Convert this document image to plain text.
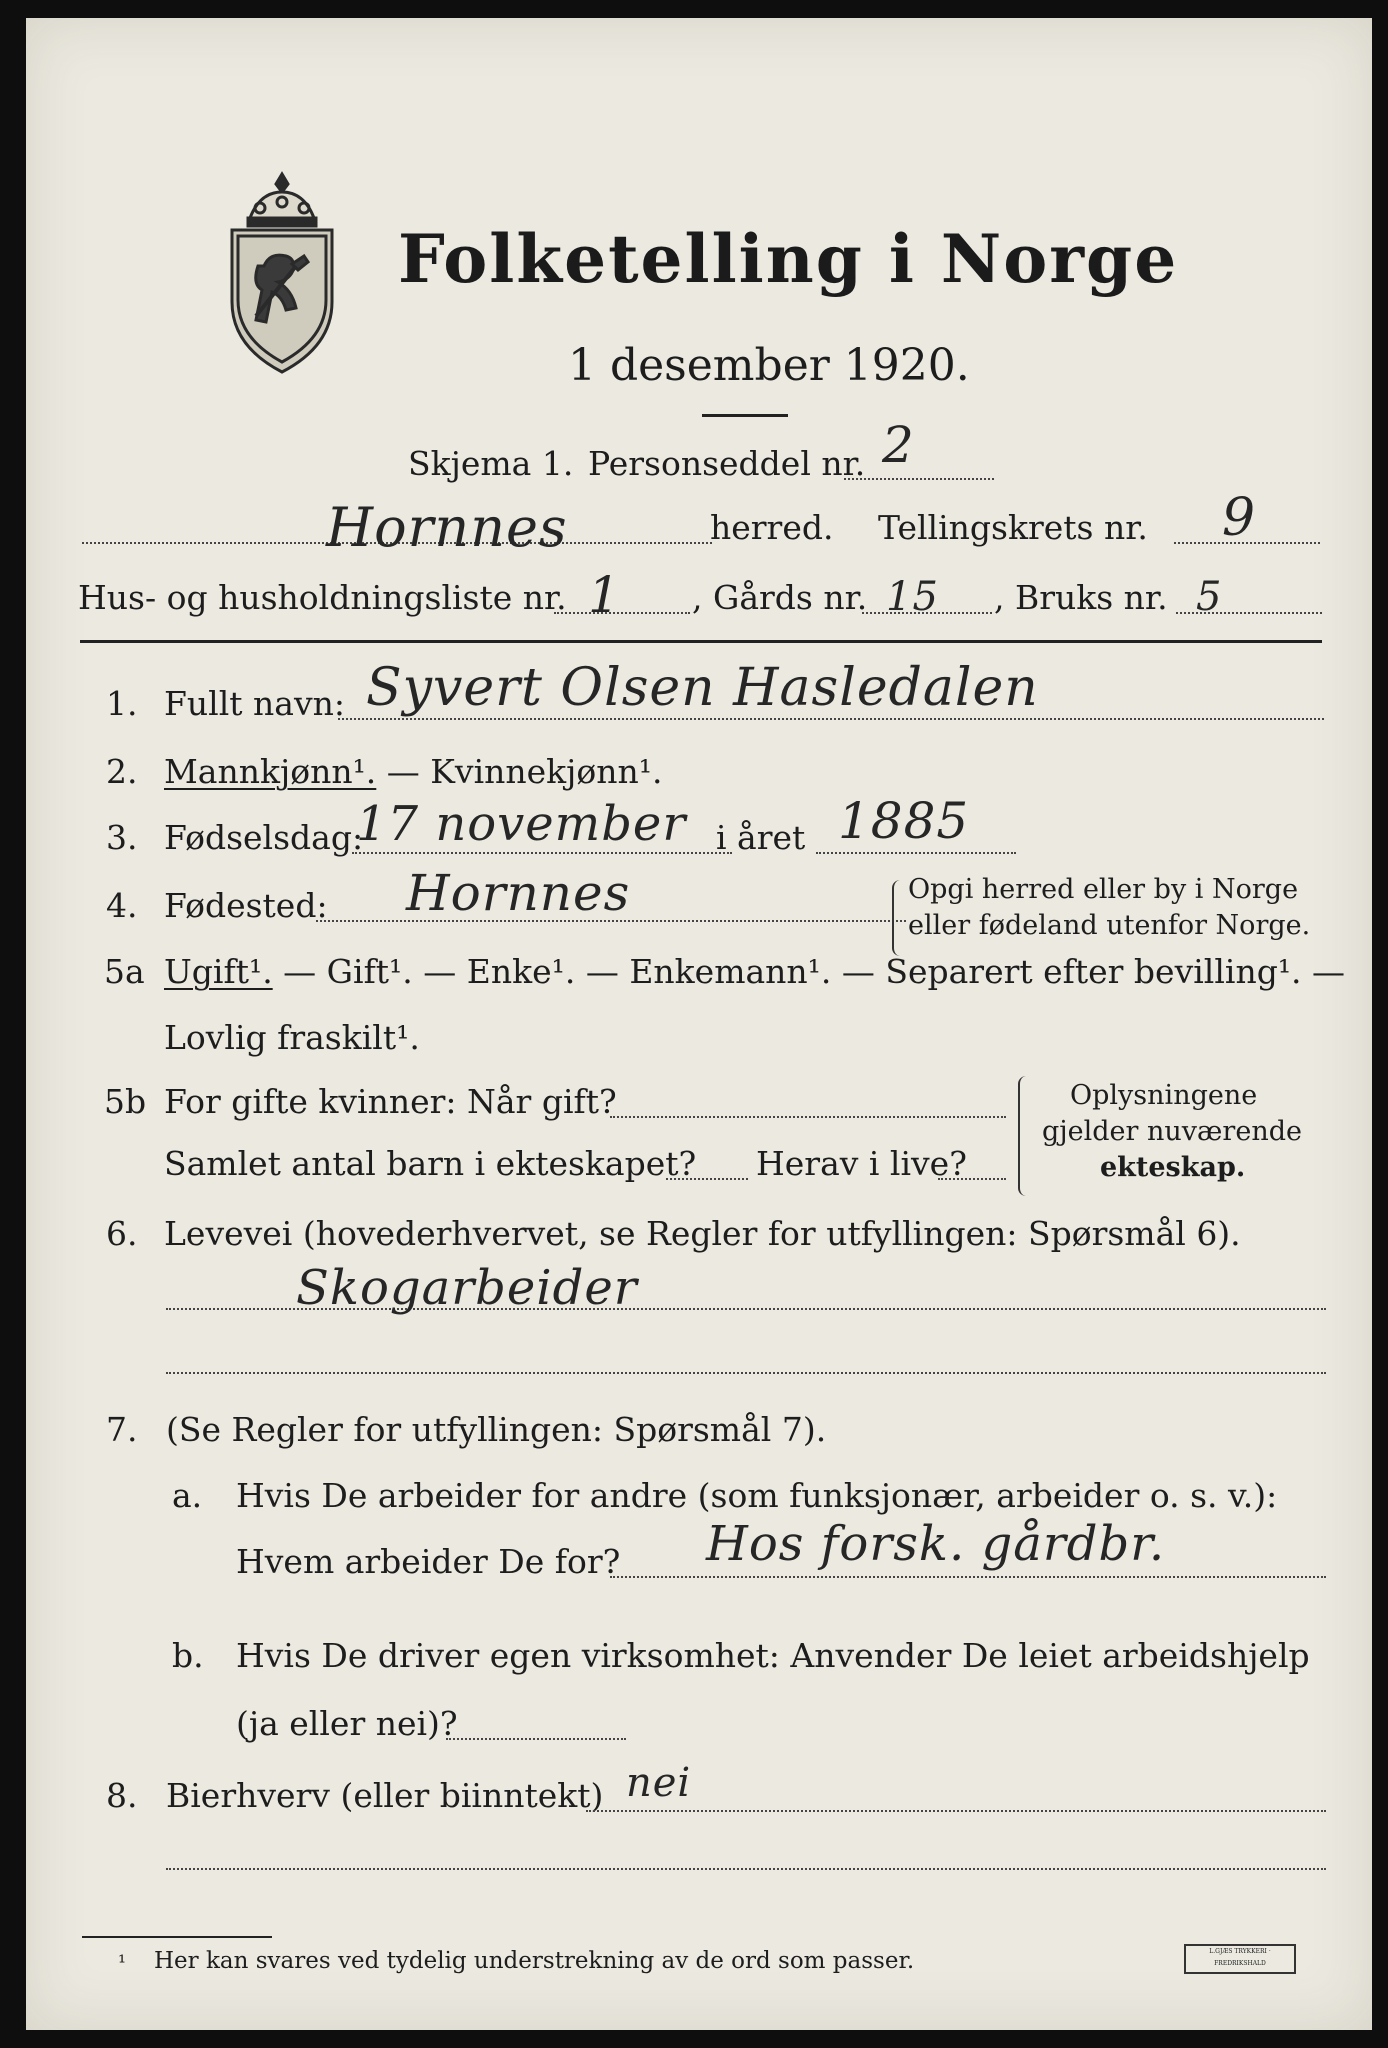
Folketelling i Norge
1 desember 1920.
Skjema 1. Personseddel nr. 2
Hornnes	herred. Tellingskrets nr. 9
Hus- og husholdningsliste nr. 1 , Gårds nr. 15 , Bruks nr. 5
1. Fullt navn: Syvert Olsen Hasledalen
2. Mannkjønn¹. — Kvinnekjønn¹.
3. Fødselsdag:
17 november i året 1885
4. Fødested: Hornnes	Opgi herred eller by i Norge
eller fødeland utenfor Norge.
5a Ugift¹. — Gift¹. — Enke¹. — Enkemann¹. — Separert efter bevilling¹. —
Lovlig fraskilt¹.
5b For gifte kvinner: Når gift?
Samlet antal barn i ekteskapet? Herav i live?
Oplysningene
gjelder nuværende
ekteskap.
6. Levevei (hovederhvervet, se Regler for utfyllingen: Spørsmål 6).
Skogarbeider
7. (Se Regler for utfyllingen: Spørsmål 7).
a. Hvis De arbeider for andre (som funksjonær, arbeider o. s. v.):
Hvem arbeider De for? Hos forsk. gårdbr.
b. Hvis De driver egen virksomhet: Anvender De leiet arbeidshjelp
(ja eller nei)?
8. Bierhverv (eller biinntekt) nei
¹ Her kan svares ved tydelig understrekning av de ord som passer.	L.GJÆS TRYKKERI · FREDRIKSHALD
